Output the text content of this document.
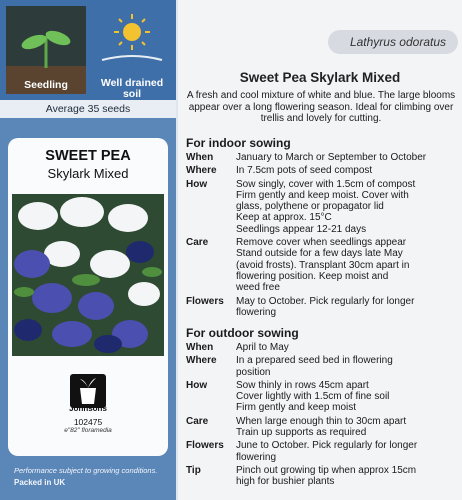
Seedling	Well drained soil
Average 35 seeds
SWEET PEA
Skylark Mixed
Johnsons
102475
e"82" floramedia
Performance subject to growing conditions.
Packed in UK
Lathyrus odoratus
Sweet Pea Skylark Mixed
A fresh and cool mixture of white and blue. The large blooms appear over a long flowering season. Ideal for climbing over trellis and lovely for cutting.
For indoor sowing
When	January to March or September to October
Where	In 7.5cm pots of seed compost
How	Sow singly, cover with 1.5cm of compost
Firm gently and keep moist. Cover with
glass, polythene or propagator lid
Keep at approx. 15°C
Seedlings appear 12-21 days
Care	Remove cover when seedlings appear
Stand outside for a few days late May
(avoid frosts). Transplant 30cm apart in
flowering position. Keep moist and
weed free
Flowers	May to October. Pick regularly for longer
flowering
For outdoor sowing
When	April to May
Where	In a prepared seed bed in flowering
position
How	Sow thinly in rows 45cm apart
Cover lightly with 1.5cm of fine soil
Firm gently and keep moist
Care	When large enough thin to 30cm apart
Train up supports as required
Flowers	June to October. Pick regularly for longer
flowering
Tip	Pinch out growing tip when approx 15cm
high for bushier plants
